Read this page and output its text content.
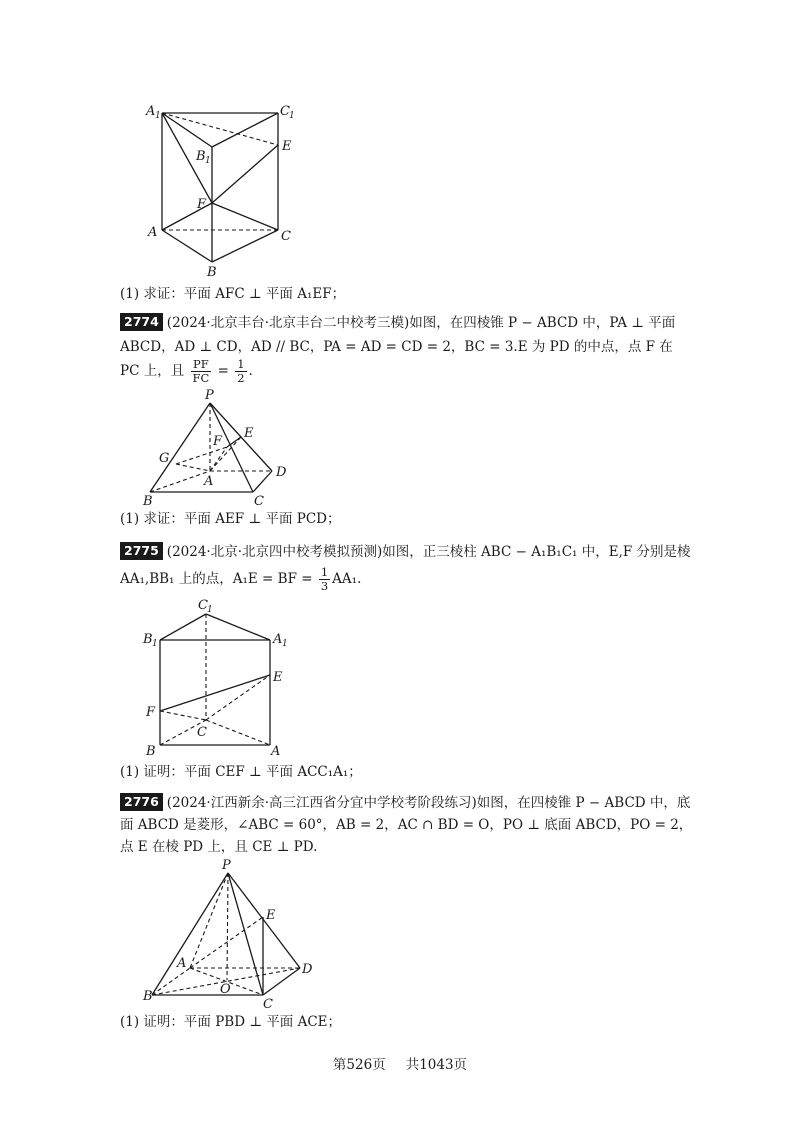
A 1	C 1
B 1
E
F
A	C
B
(1) 求证：平面 AFC ⊥ 平面 A₁EF；
2774 (2024·北京丰台·北京丰台二中校考三模)如图，在四棱锥 P − ABCD 中，PA ⊥ 平面
ABCD，AD ⊥ CD，AD // BC，PA = AD = CD = 2，BC = 3.E 为 PD 的中点，点 F 在
PC 上，且 $\frac{PF}{FC} = \frac{1}{2}$ .
P
E
F
G
D
A
B	C
(1) 求证：平面 AEF ⊥ 平面 PCD；
2775 (2024·北京·北京四中校考模拟预测)如图，正三棱柱 ABC − A₁B₁C₁ 中，E,F 分别是棱
AA₁,BB₁ 上的点，A₁E = BF = $\frac{1}{3} AA_1$.
C 1
B 1	A 1
E
F
C
B	A
(1) 证明：平面 CEF ⊥ 平面 ACC₁A₁；
2776 (2024·江西新余·高三江西省分宜中学校考阶段练习)如图，在四棱锥 P − ABCD 中，底
面 ABCD 是菱形，∠ABC = 60°，AB = 2，AC ∩ BD = O，PO ⊥ 底面 ABCD，PO = 2，
点 E 在棱 PD 上，且 CE ⊥ PD.
P
E
A	D
B	O
C
(1) 证明：平面 PBD ⊥ 平面 ACE；
第526页 共1043页
